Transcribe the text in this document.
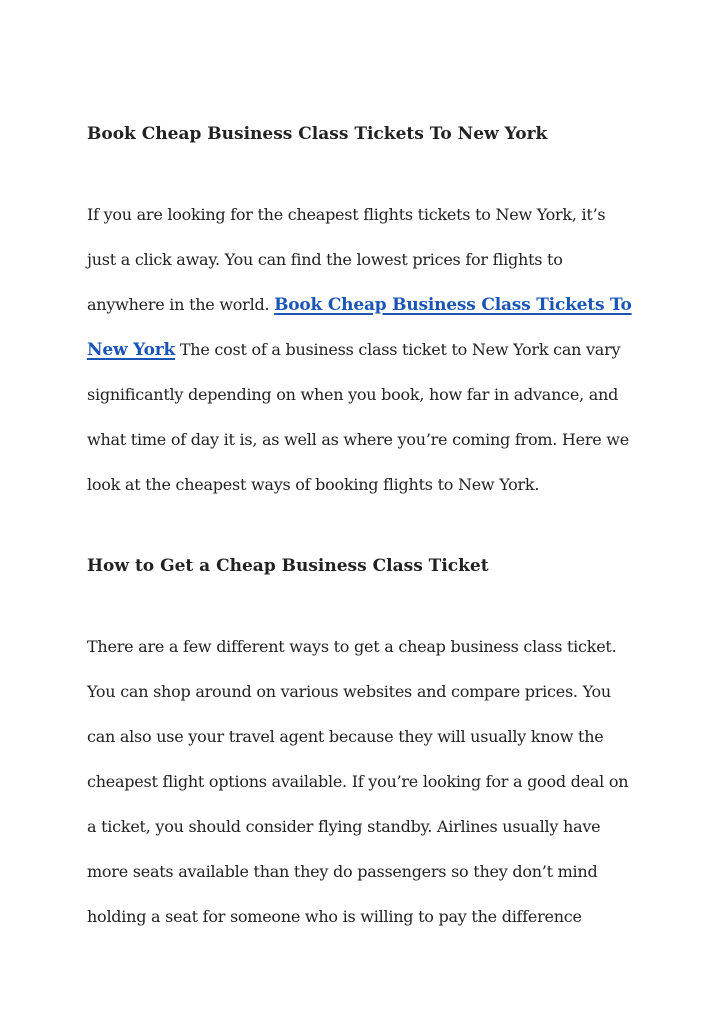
Book Cheap Business Class Tickets To New York
If you are looking for the cheapest flights tickets to New York, it’s
just a click away. You can find the lowest prices for flights to
anywhere in the world. Book Cheap Business Class Tickets To
New York The cost of a business class ticket to New York can vary
significantly depending on when you book, how far in advance, and
what time of day it is, as well as where you’re coming from. Here we
look at the cheapest ways of booking flights to New York.
How to Get a Cheap Business Class Ticket
There are a few different ways to get a cheap business class ticket.
You can shop around on various websites and compare prices. You
can also use your travel agent because they will usually know the
cheapest flight options available. If you’re looking for a good deal on
a ticket, you should consider flying standby. Airlines usually have
more seats available than they do passengers so they don’t mind
holding a seat for someone who is willing to pay the difference
